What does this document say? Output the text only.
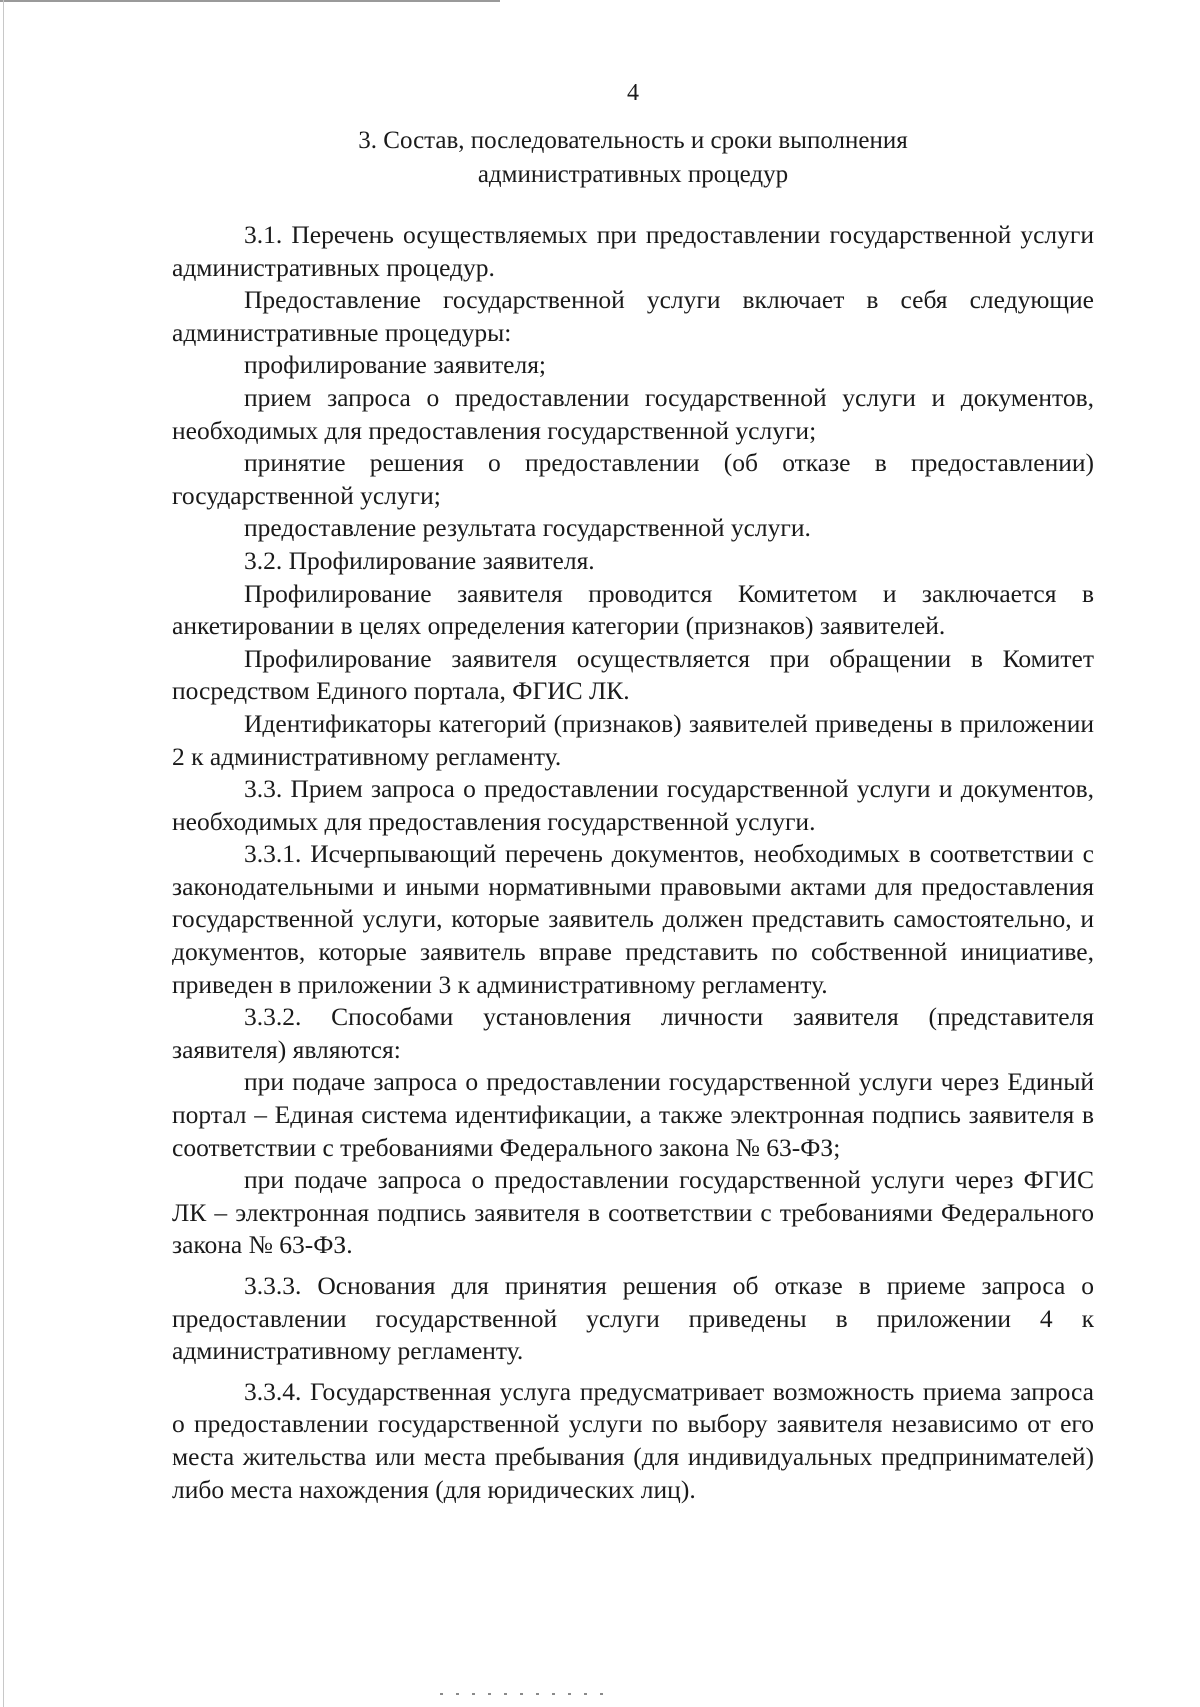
4
3. Состав, последовательность и сроки выполнения
административных процедур

3.1. Перечень осуществляемых при предоставлении государственной услуги административных процедур.

Предоставление государственной услуги включает в себя следующие административные процедуры:

профилирование заявителя;

прием запроса о предоставлении государственной услуги и документов, необходимых для предоставления государственной услуги;

принятие решения о предоставлении (об отказе в предоставлении) государственной услуги;

предоставление результата государственной услуги.

3.2. Профилирование заявителя.

Профилирование заявителя проводится Комитетом и заключается в анкетировании в целях определения категории (признаков) заявителей.

Профилирование заявителя осуществляется при обращении в Комитет посредством Единого портала, ФГИС ЛК.

Идентификаторы категорий (признаков) заявителей приведены в приложении 2 к административному регламенту.

3.3. Прием запроса о предоставлении государственной услуги и документов, необходимых для предоставления государственной услуги.

3.3.1. Исчерпывающий перечень документов, необходимых в соответствии с законодательными и иными нормативными правовыми актами для предоставления государственной услуги, которые заявитель должен представить самостоятельно, и документов, которые заявитель вправе представить по собственной инициативе, приведен в приложении 3 к административному регламенту.

3.3.2. Способами установления личности заявителя (представителя заявителя) являются:

при подаче запроса о предоставлении государственной услуги через Единый портал – Единая система идентификации, а также электронная подпись заявителя в соответствии с требованиями Федерального закона № 63-ФЗ;

при подаче запроса о предоставлении государственной услуги через ФГИС ЛК – электронная подпись заявителя в соответствии с требованиями Федерального закона № 63-ФЗ.

3.3.3. Основания для принятия решения об отказе в приеме запроса о предоставлении государственной услуги приведены в приложении 4 к административному регламенту.

3.3.4. Государственная услуга предусматривает возможность приема запроса о предоставлении государственной услуги по выбору заявителя независимо от его места жительства или места пребывания (для индивидуальных предпринимателей) либо места нахождения (для юридических лиц).
